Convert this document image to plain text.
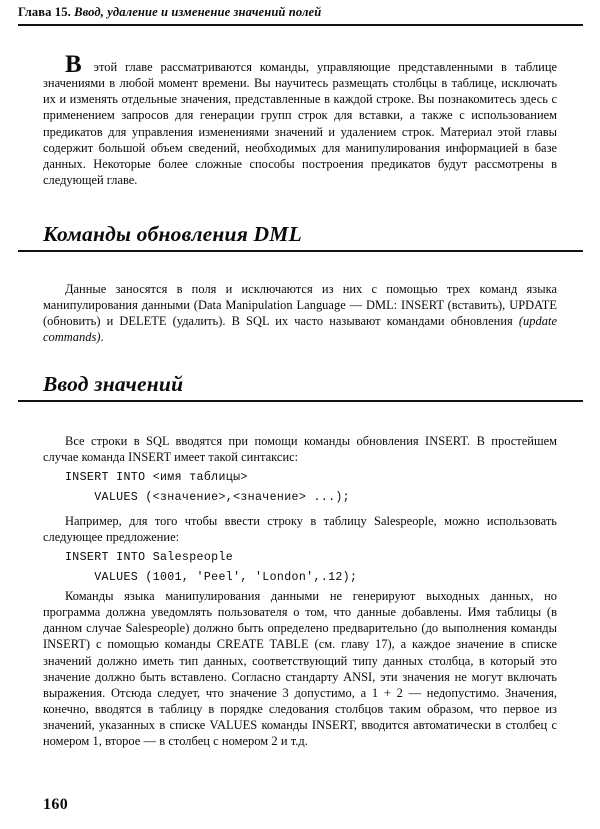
Глава 15. Ввод, удаление и изменение значений полей

В этой главе рассматриваются команды, управляющие представленными в таблице значениями в любой момент времени. Вы научитесь размещать столбцы в таблице, исключать их и изменять отдельные значения, представленные в каждой строке. Вы познакомитесь здесь с применением запросов для генерации групп строк для вставки, а также с использованием предикатов для управления изменениями значений и удалением строк. Материал этой главы содержит большой объем сведений, необходимых для манипулирования информацией в базе данных. Некоторые более сложные способы построения предикатов будут рассмотрены в следующей главе.

Команды обновления DML

Данные заносятся в поля и исключаются из них с помощью трех команд языка манипулирования данными (Data Manipulation Language — DML: INSERT (вставить), UPDATE (обновить) и DELETE (удалить). В SQL их часто называют командами обновления (update commands).

Ввод значений

Все строки в SQL вводятся при помощи команды обновления INSERT. В простейшем случае команда INSERT имеет такой синтаксис:

INSERT INTO <имя таблицы>
VALUES (<значение>,<значение> ...);

Например, для того чтобы ввести строку в таблицу Salespeople, можно использовать следующее предложение:

INSERT INTO Salespeople
VALUES (1001, 'Peel', 'London',.12);

Команды языка манипулирования данными не генерируют выходных данных, но программа должна уведомлять пользователя о том, что данные добавлены. Имя таблицы (в данном случае Salespeople) должно быть определено предварительно (до выполнения команды INSERT) с помощью команды CREATE TABLE (см. главу 17), а каждое значение в списке значений должно иметь тип данных, соответствующий типу данных столбца, в который это значение должно быть вставлено. Согласно стандарту ANSI, эти значения не могут включать выражения. Отсюда следует, что значение 3 допустимо, а 1 + 2 — недопустимо. Значения, конечно, вводятся в таблицу в порядке следования столбцов таким образом, что первое из значений, указанных в списке VALUES команды INSERT, вводится автоматически в столбец с номером 1, второе — в столбец с номером 2 и т.д.

160
